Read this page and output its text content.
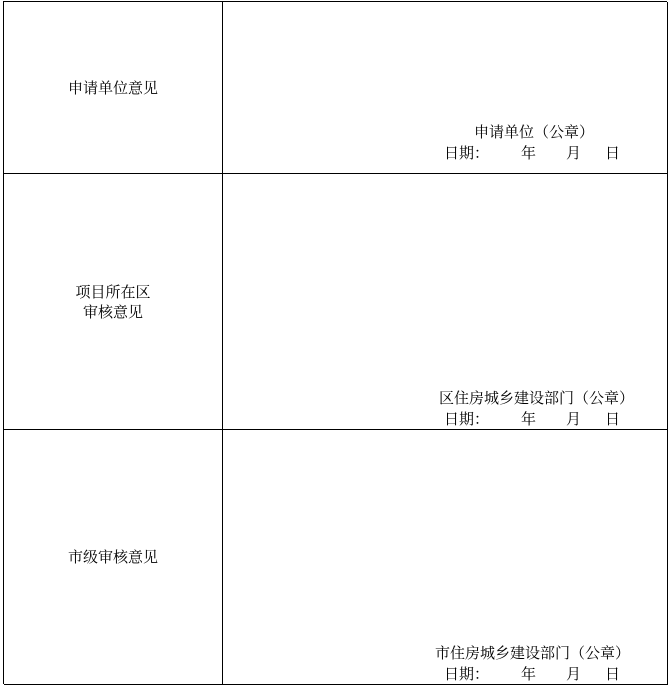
申请单位意见
申请单位（公章）
日期： 年 月 日
项目所在区
审核意见
区住房城乡建设部门（公章）
日期： 年 月 日
市级审核意见
市住房城乡建设部门（公章）
日期： 年 月 日
